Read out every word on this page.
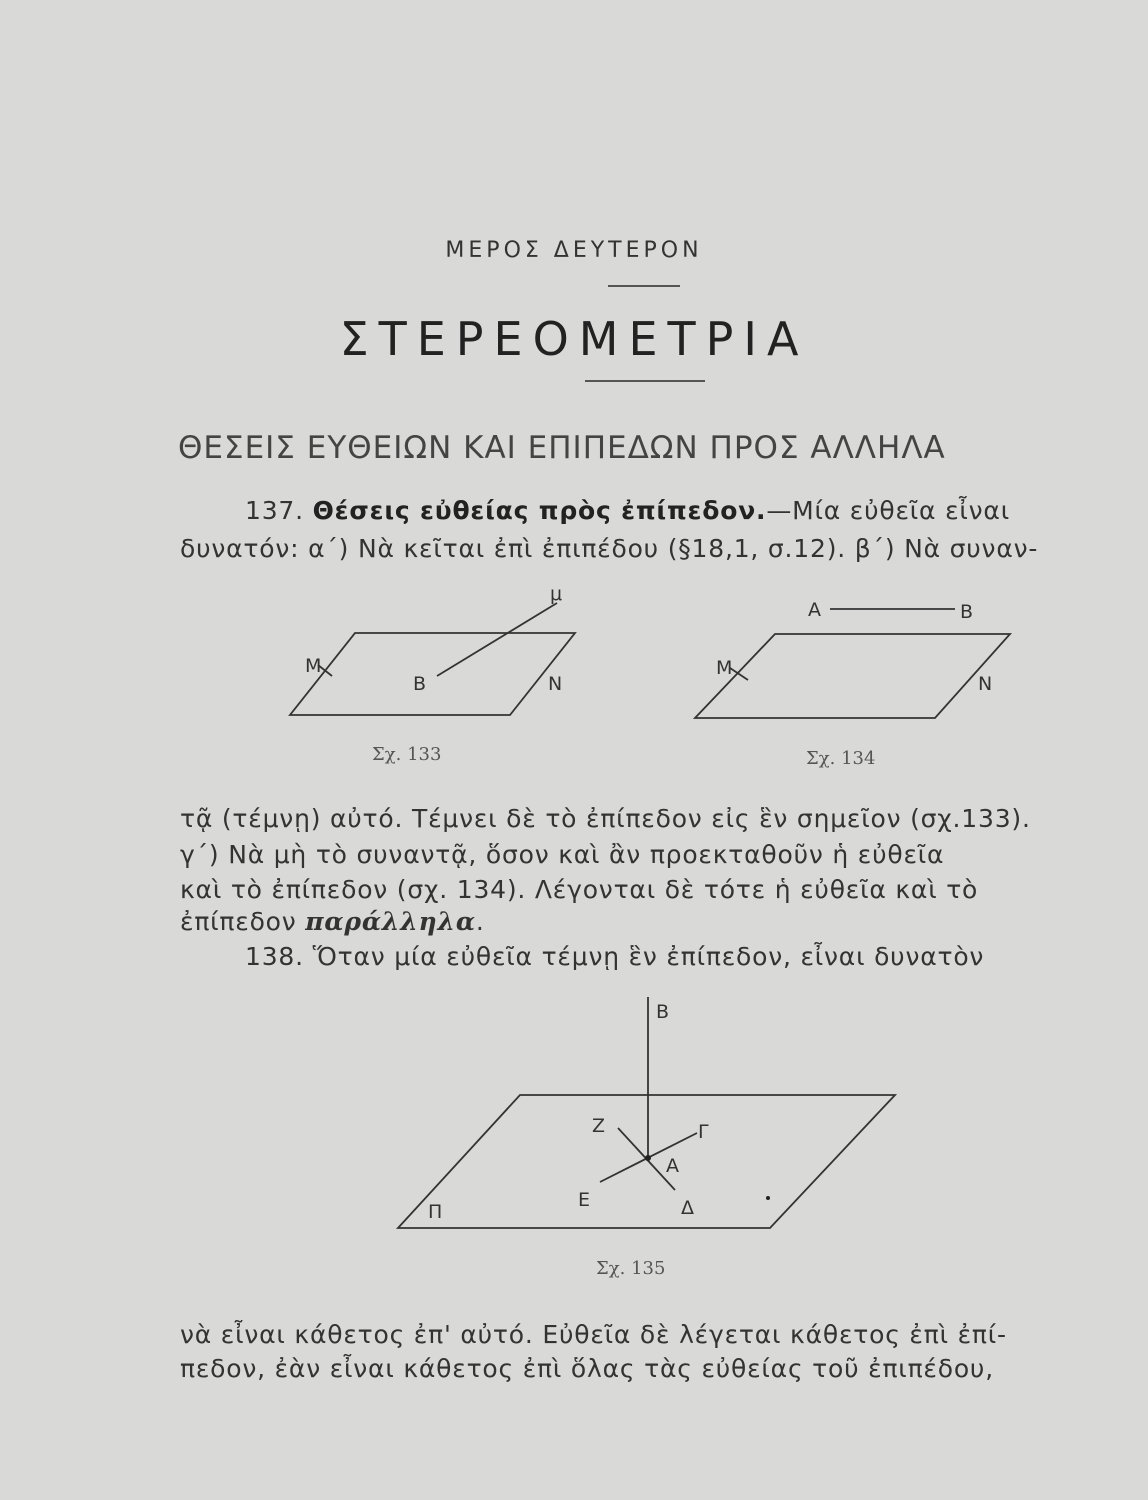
ΜΕΡΟΣ ΔΕΥΤΕΡΟΝ
ΣΤΕΡΕΟΜΕΤΡΙΑ
ΘΕΣΕΙΣ ΕΥΘΕΙΩΝ ΚΑΙ ΕΠΙΠΕΔΩΝ ΠΡΟΣ ΑΛΛΗΛΑ
137. Θέσεις εὐθείας πρὸς ἐπίπεδον.—Μία εὐθεῖα εἶναι
δυνατόν: α΄) Νὰ κεῖται ἐπὶ ἐπιπέδου (§18,1, σ.12). β΄) Νὰ συναν-
M
N
B
μ
A	B
M
N
B
Z	Γ
A
E	Δ
Π
Σχ. 133	Σχ. 134
τᾷ (τέμνῃ) αὐτό. Τέμνει δὲ τὸ ἐπίπεδον εἰς ἓν σημεῖον (σχ.133).
γ΄) Νὰ μὴ τὸ συναντᾷ, ὅσον καὶ ἂν προεκταθοῦν ἡ εὐθεῖα
καὶ τὸ ἐπίπεδον (σχ. 134). Λέγονται δὲ τότε ἡ εὐθεῖα καὶ τὸ
ἐπίπεδον παράλληλα.
138. Ὅταν μία εὐθεῖα τέμνῃ ἓν ἐπίπεδον, εἶναι δυνατὸν
Σχ. 135
νὰ εἶναι κάθετος ἐπ' αὐτό. Εὐθεῖα δὲ λέγεται κάθετος ἐπὶ ἐπί-
πεδον, ἐὰν εἶναι κάθετος ἐπὶ ὅλας τὰς εὐθείας τοῦ ἐπιπέδου,
